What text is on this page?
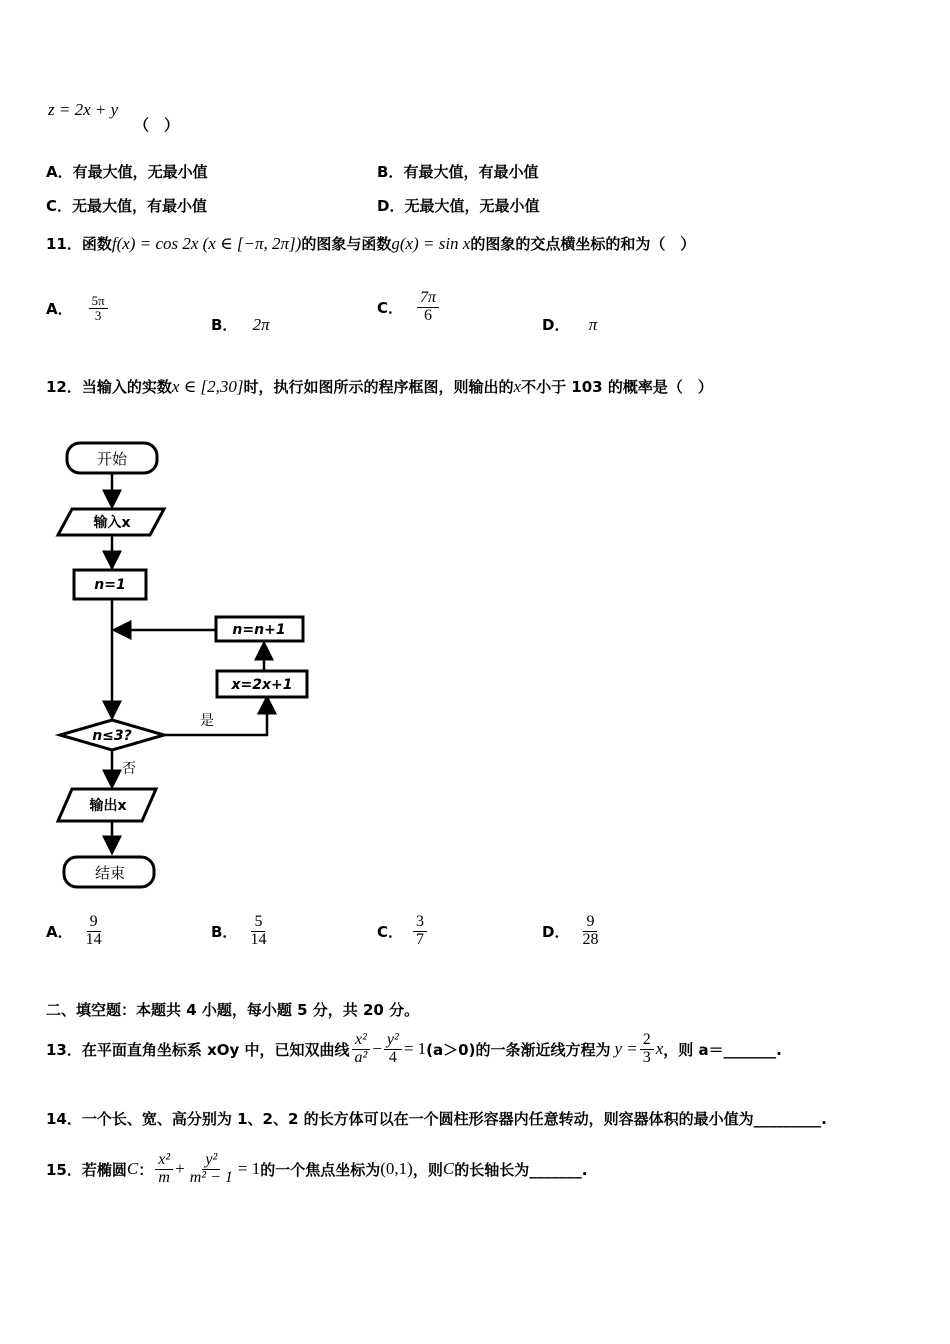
z = 2x + y
（　）
A．有最大值，无最小值	B．有最大值，有最小值
C．无最大值，有最小值	D．无最大值，无最小值
11．函数f(x) = cos 2x (x ∈ [−π, 2π])的图象与函数g(x) = sin x的图象的交点横坐标的和为（　）
A． $\frac{5\pi}{3}$
B． 2π
C． $\frac{7\pi}{6}$
D． π
12．当输入的实数x ∈ [2,30]时，执行如图所示的程序框图，则输出的x不小于 103 的概率是（　）
开始
输入x
n=1
n≤3?
是
x=2x+1
n=n+1
否
输出x
结束
A． $\frac{9}{14}$	B． $\frac{5}{14}$	C． $\frac{3}{7}$	D． $\frac{9}{28}$
二、填空题：本题共 4 小题，每小题 5 分，共 20 分。
13．在平面直角坐标系 xOy 中，已知双曲线 $\frac{\text{x²}}{\text{a²}} - \frac{\text{y²}}{4} = 1$ (a＞0)的一条渐近线方程为 $y = \frac{2}{3}$ x ，则 a＝_______.
14．一个长、宽、高分别为 1、2、2 的长方体可以在一个圆柱形容器内任意转动，则容器体积的最小值为_________.
15．若椭圆 C ： $\frac{\text{x²}}{m} + \frac{\text{y²}}{\text{m² − 1}} = 1$ 的一个焦点坐标为 (0,1) ，则 C 的长轴长为_______.
